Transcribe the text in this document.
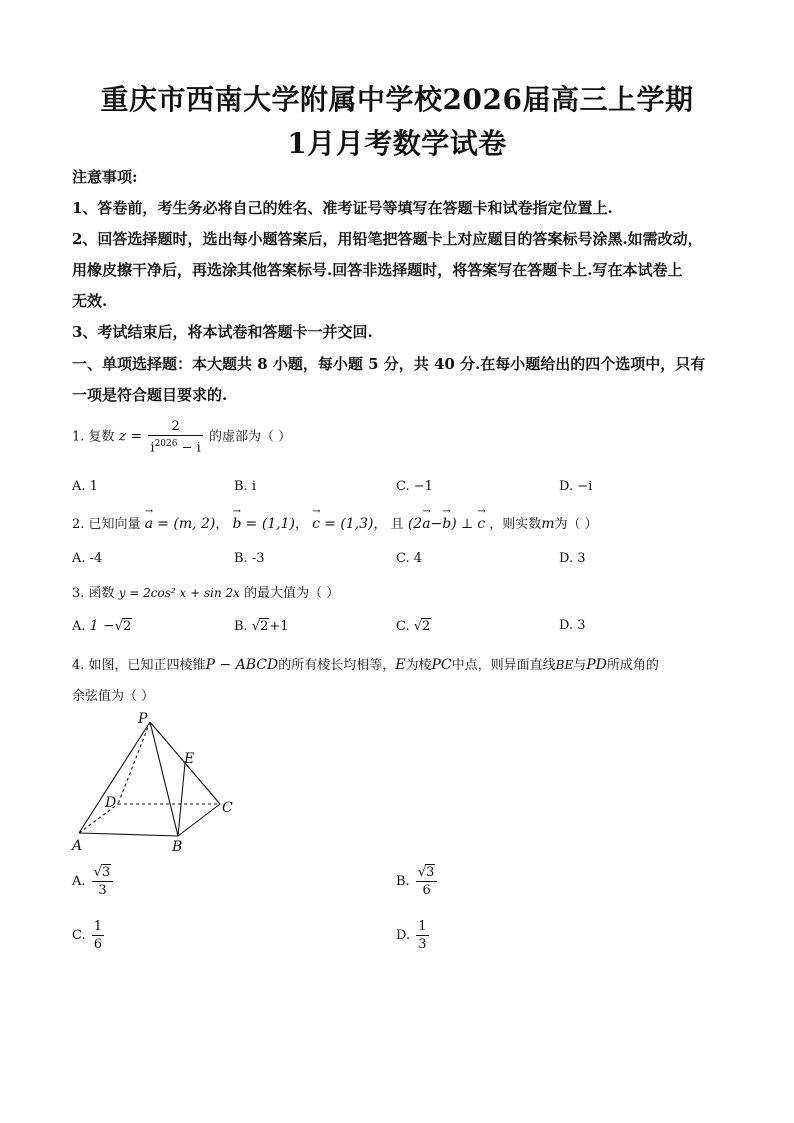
重庆市西南大学附属中学校2026届高三上学期
1月月考数学试卷
注意事项:
1、答卷前，考生务必将自己的姓名、准考证号等填写在答题卡和试卷指定位置上.
2、回答选择题时，选出每小题答案后，用铅笔把答题卡上对应题目的答案标号涂黑.如需改动，
用橡皮擦干净后，再选涂其他答案标号.回答非选择题时，将答案写在答题卡上.写在本试卷上
无效.
3、考试结束后，将本试卷和答题卡一并交回.
一、单项选择题：本大题共 8 小题，每小题 5 分，共 40 分.在每小题给出的四个选项中，只有
一项是符合题目要求的.
1. 复数 $z = \frac{2}{i^{2026} - i}$ 的虚部为（ ）
A. 1	B. i	C. −1	D. −i
2. 已知向量 → a = (m, 2)， → b = (1,1)， → c = (1,3)， 且 (2→ a−→ b) ⊥ → c ，则实数m为（ ）
A. -4	B. -3	C. 4	D. 3
3. 函数 y = 2cos² x + sin 2x 的最大值为（ ）
A. 1 −√2	B. √2+1	C. √2	D. 3
4. 如图，已知正四棱锥P − ABCD的所有棱长均相等，E为棱PC中点，则异面直线BE与PD所成角的
余弦值为（ ）
P
E
D	C
A	B
A. $\frac{√3}{3}$	B. $\frac{√3}{6}$
C. $\frac{1}{6}$	D. $\frac{1}{3}$
